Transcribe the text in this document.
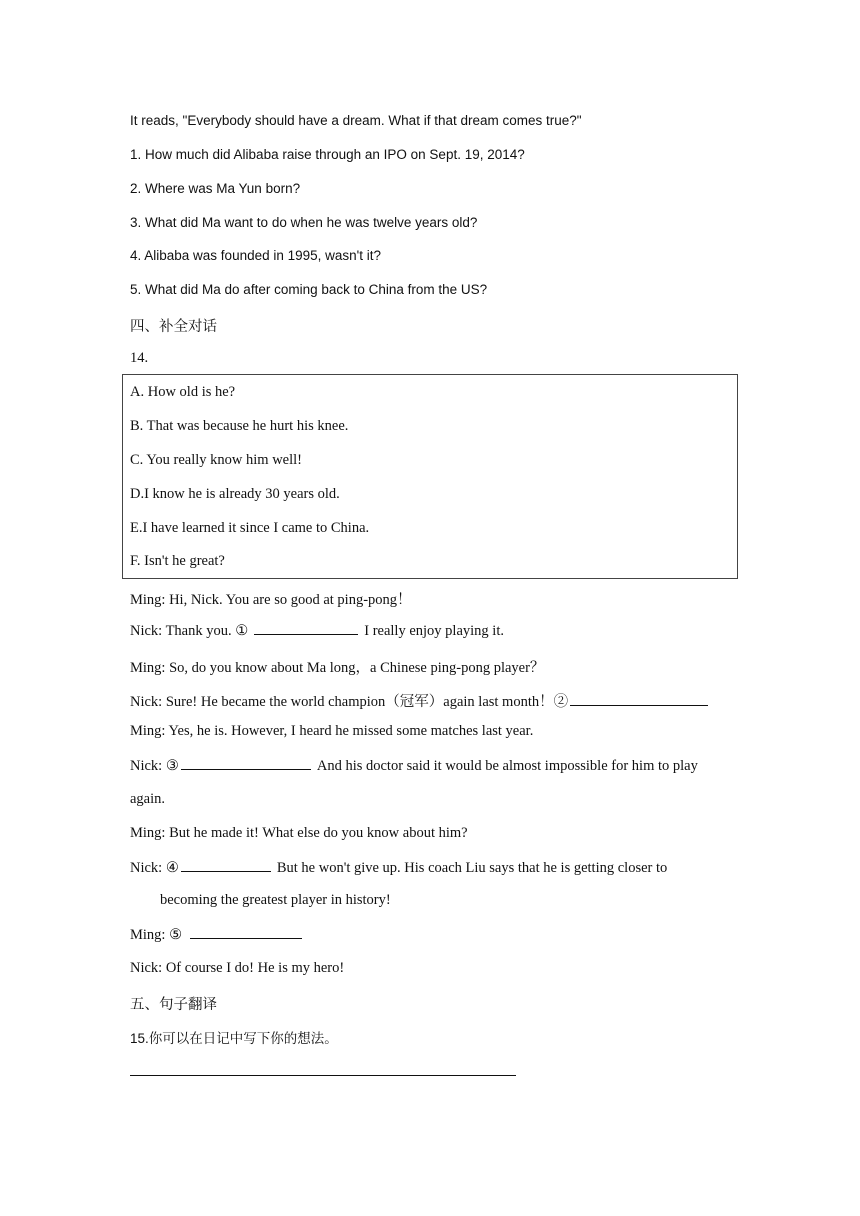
It reads, "Everybody should have a dream. What if that dream comes true?"
1. How much did Alibaba raise through an IPO on Sept. 19, 2014?
2. Where was Ma Yun born?
3. What did Ma want to do when he was twelve years old?
4. Alibaba was founded in 1995, wasn't it?
5. What did Ma do after coming back to China from the US?
四、补全对话
14.
A. How old is he?
B. That was because he hurt his knee.
C. You really know him well!
D.I know he is already 30 years old.
E.I have learned it since I came to China.
F. Isn't he great?
Ming: Hi, Nick. You are so good at ping-pong！
Nick: Thank you. ①	I really enjoy playing it.
Ming: So, do you know about Ma long，a Chinese ping-pong player？
Nick: Sure! He became the world champion（冠军）again last month！②
Ming: Yes, he is. However, I heard he missed some matches last year.
Nick: ③	And his doctor said it would be almost impossible for him to play
again.
Ming: But he made it! What else do you know about him?
Nick: ④	But he won't give up. His coach Liu says that he is getting closer to
becoming the greatest player in history!
Ming: ⑤
Nick: Of course I do! He is my hero!
五、句子翻译
15.你可以在日记中写下你的想法。
